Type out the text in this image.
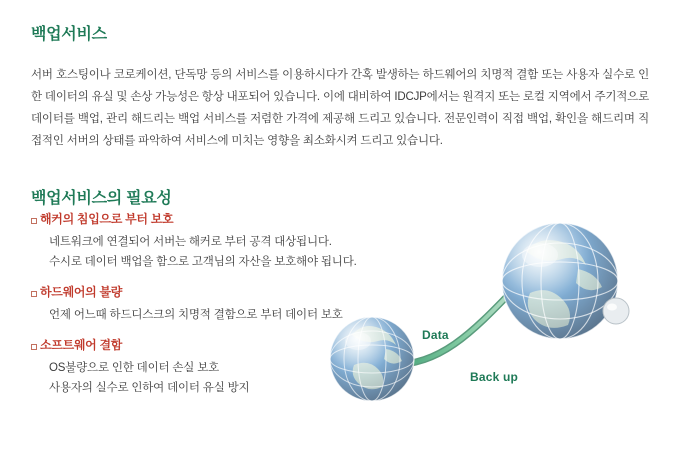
백업서비스

서버 호스팅이나 코로케이션, 단독망 등의 서비스를 이용하시다가 간혹 발생하는 하드웨어의 치명적 결함 또는 사용자 실수로 인한 데이터의 유실 및 손상 가능성은 항상 내포되어 있습니다. 이에 대비하여 IDCJP에서는 원격지 또는 로컬 지역에서 주기적으로 데이터를 백업, 관리 해드리는 백업 서비스를 저렴한 가격에 제공해 드리고 있습니다. 전문인력이 직접 백업, 확인을 해드리며 직접적인 서버의 상태를 파악하여 서비스에 미치는 영향을 최소화시켜 드리고 있습니다.

백업서비스의 필요성
해커의 침입으로 부터 보호
네트워크에 연결되어 서버는 해커로 부터 공격 대상됩니다.
수시로 데이터 백업을 함으로 고객님의 자산을 보호해야 됩니다.
하드웨어의 불량
언제 어느때 하드디스크의 치명적 결함으로 부터 데이터 보호
소프트웨어 결함
OS불량으로 인한 데이터 손실 보호
사용자의 실수로 인하여 데이터 유실 방지
Data
Back up
